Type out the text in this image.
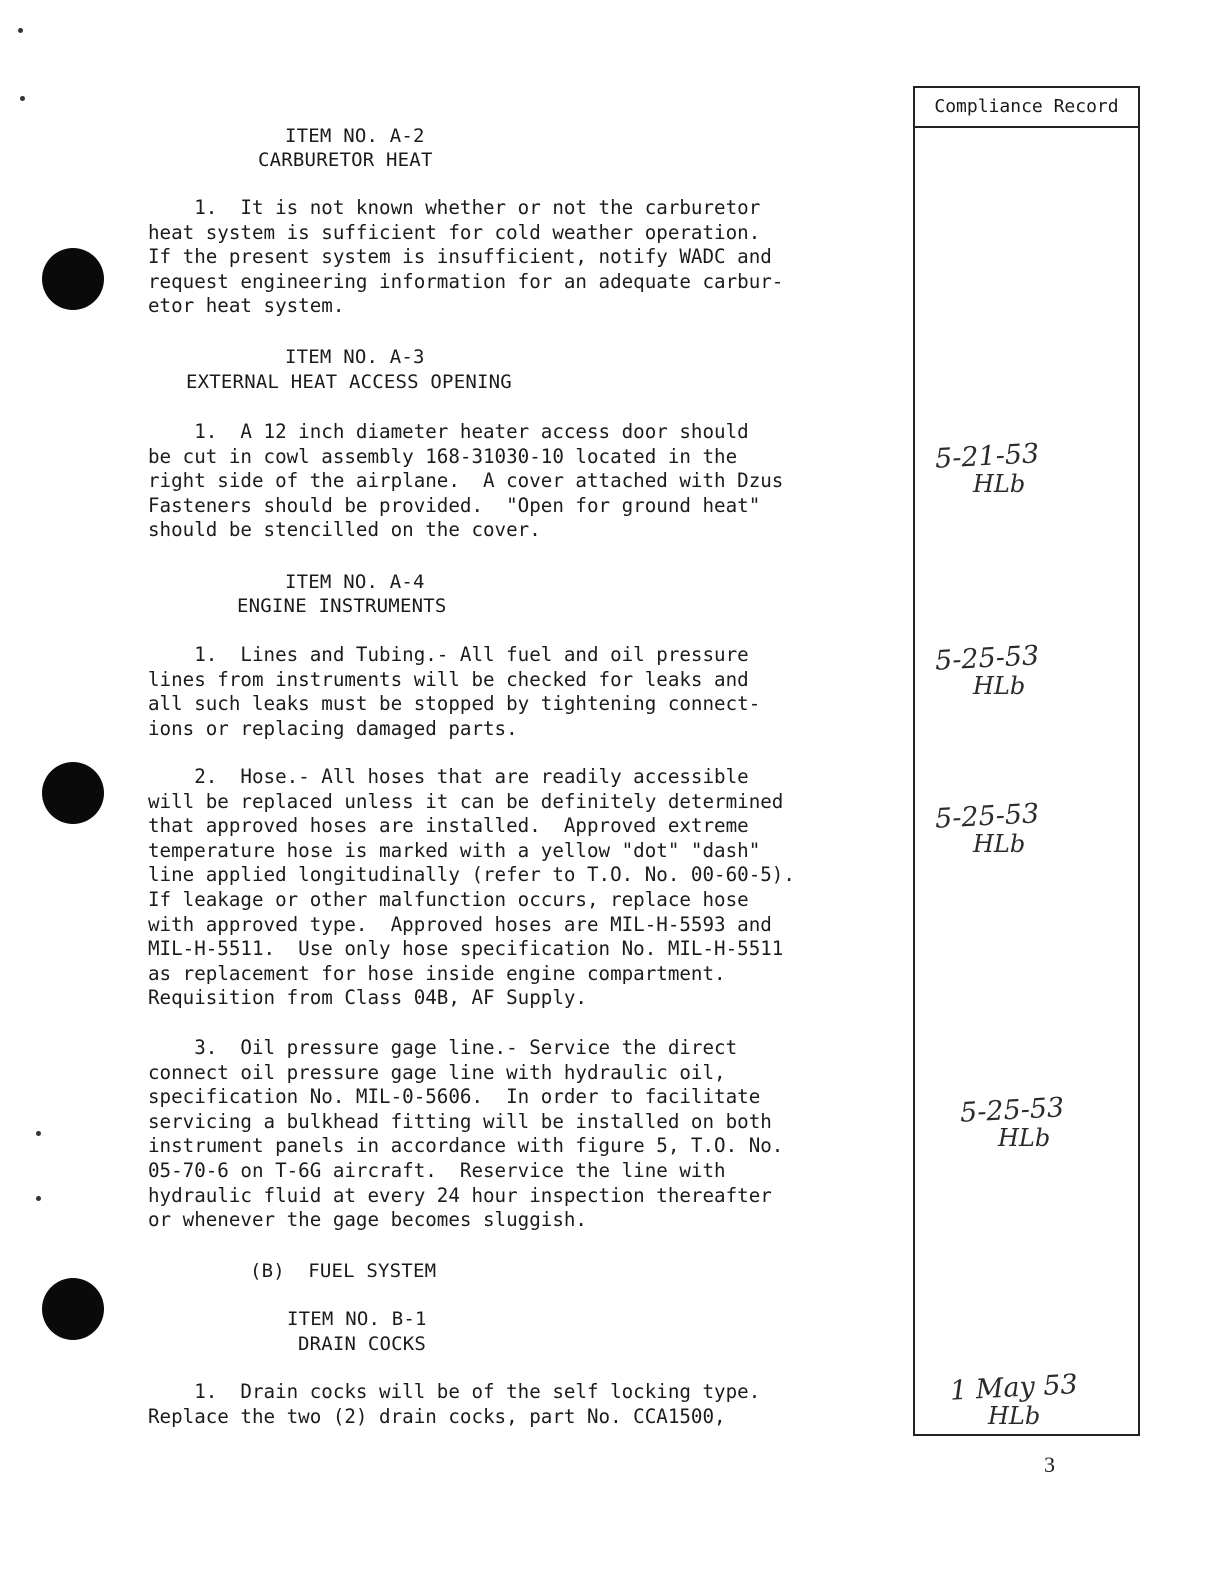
ITEM NO. A-2
CARBURETOR HEAT
1.  It is not known whether or not the carburetor
heat system is sufficient for cold weather operation.
If the present system is insufficient, notify WADC and
request engineering information for an adequate carbur-
etor heat system.
ITEM NO. A-3
EXTERNAL HEAT ACCESS OPENING
1.  A 12 inch diameter heater access door should
be cut in cowl assembly 168-31030-10 located in the
right side of the airplane.  A cover attached with Dzus
Fasteners should be provided.  "Open for ground heat"
should be stencilled on the cover.
ITEM NO. A-4
ENGINE INSTRUMENTS
1.  Lines and Tubing.- All fuel and oil pressure
lines from instruments will be checked for leaks and
all such leaks must be stopped by tightening connect-
ions or replacing damaged parts.
2.  Hose.- All hoses that are readily accessible
will be replaced unless it can be definitely determined
that approved hoses are installed.  Approved extreme
temperature hose is marked with a yellow "dot" "dash"
line applied longitudinally (refer to T.O. No. 00-60-5).
If leakage or other malfunction occurs, replace hose
with approved type.  Approved hoses are MIL-H-5593 and
MIL-H-5511.  Use only hose specification No. MIL-H-5511
as replacement for hose inside engine compartment.
Requisition from Class 04B, AF Supply.
3.  Oil pressure gage line.- Service the direct
connect oil pressure gage line with hydraulic oil,
specification No. MIL-0-5606.  In order to facilitate
servicing a bulkhead fitting will be installed on both
instrument panels in accordance with figure 5, T.O. No.
05-70-6 on T-6G aircraft.  Reservice the line with
hydraulic fluid at every 24 hour inspection thereafter
or whenever the gage becomes sluggish.
(B)  FUEL SYSTEM
ITEM NO. B-1
DRAIN COCKS
1.  Drain cocks will be of the self locking type.
Replace the two (2) drain cocks, part No. CCA1500,
Compliance Record
5-21-53
HLb
5-25-53
HLb
5-25-53
HLb
5-25-53
HLb
1 May 53
HLb
3
